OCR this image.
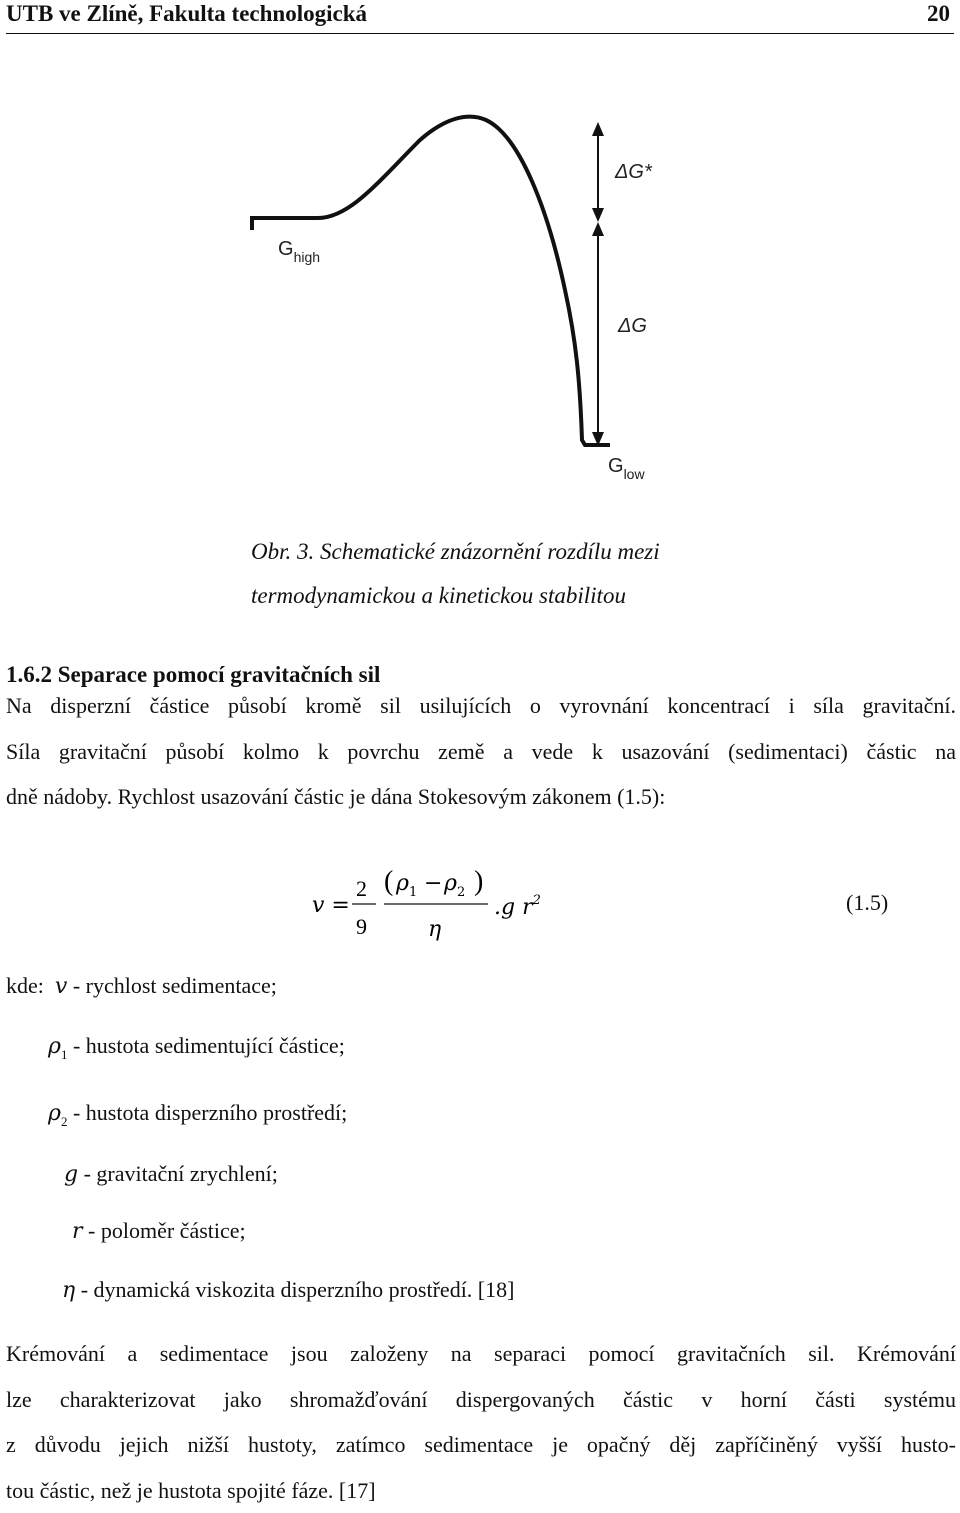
UTB ve Zlíně, Fakulta technologická	20
ΔG*
ΔG
$G_{high}$
$G_{low}$
Obr. 3. Schematické znázornění rozdílu mezi
termodynamickou a kinetickou stabilitou
1.6.2 Separace pomocí gravitačních sil
Na disperzní částice působí kromě sil usilujících o vyrovnání koncentrací i síla gravitační.
Síla gravitační působí kolmo k povrchu země a vede k usazování (sedimentaci) částic na
dně nádoby. Rychlost usazování částic je dána Stokesovým zákonem (1.5):
v =
2
9
( $\rho_1 - \rho_2$ )
η
.g $r^2$	(1.5)
kde: v - rychlost sedimentace;
$\rho_1$ - hustota sedimentující částice;
$\rho_2$ - hustota disperzního prostředí;
g - gravitační zrychlení;
r - poloměr částice;
η - dynamická viskozita disperzního prostředí. [18]
Krémování a sedimentace jsou založeny na separaci pomocí gravitačních sil. Krémování
lze charakterizovat jako shromažďování dispergovaných částic v horní části systému
z důvodu jejich nižší hustoty, zatímco sedimentace je opačný děj zapříčiněný vyšší husto-
tou částic, než je hustota spojité fáze. [17]
